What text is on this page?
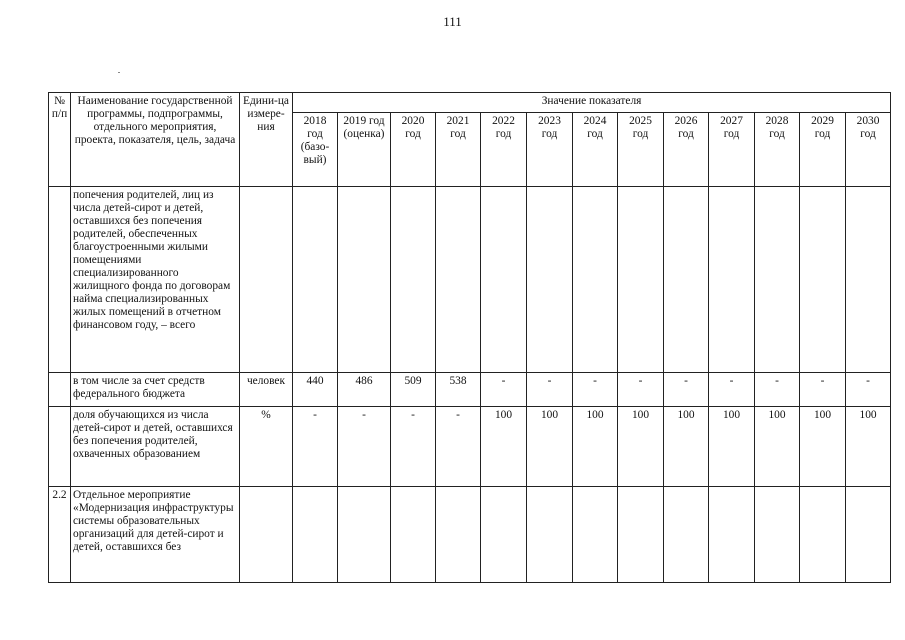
111
№ п/п	Наименование государственной программы, подпрограммы, отдельного мероприятия, проекта, показателя, цель, задача	Едини-ца измере-ния	Значение показателя												
			2018 год (базо-вый)	2019 год (оценка)	2020 год	2021 год	2022 год	2023 год	2024 год	2025 год	2026 год	2027 год	2028 год	2029 год	2030 год
	попечения родителей, лиц из числа детей-сирот и детей, оставшихся без попечения родителей, обеспеченных благоустроенными жилыми помещениями специализированного жилищного фонда по договорам найма специализированных жилых помещений в отчетном финансовом году, – всего														
	в том числе за счет средств федерального бюджета	человек	440	486	509	538	-	-	-	-	-	-	-	-	-
	доля обучающихся из числа детей-сирот и детей, оставшихся без попечения родителей, охваченных образованием	%	-	-	-	-	100	100	100	100	100	100	100	100	100
2.2	Отдельное мероприятие «Модернизация инфраструктуры системы образовательных организаций для детей-сирот и детей, оставшихся без														
